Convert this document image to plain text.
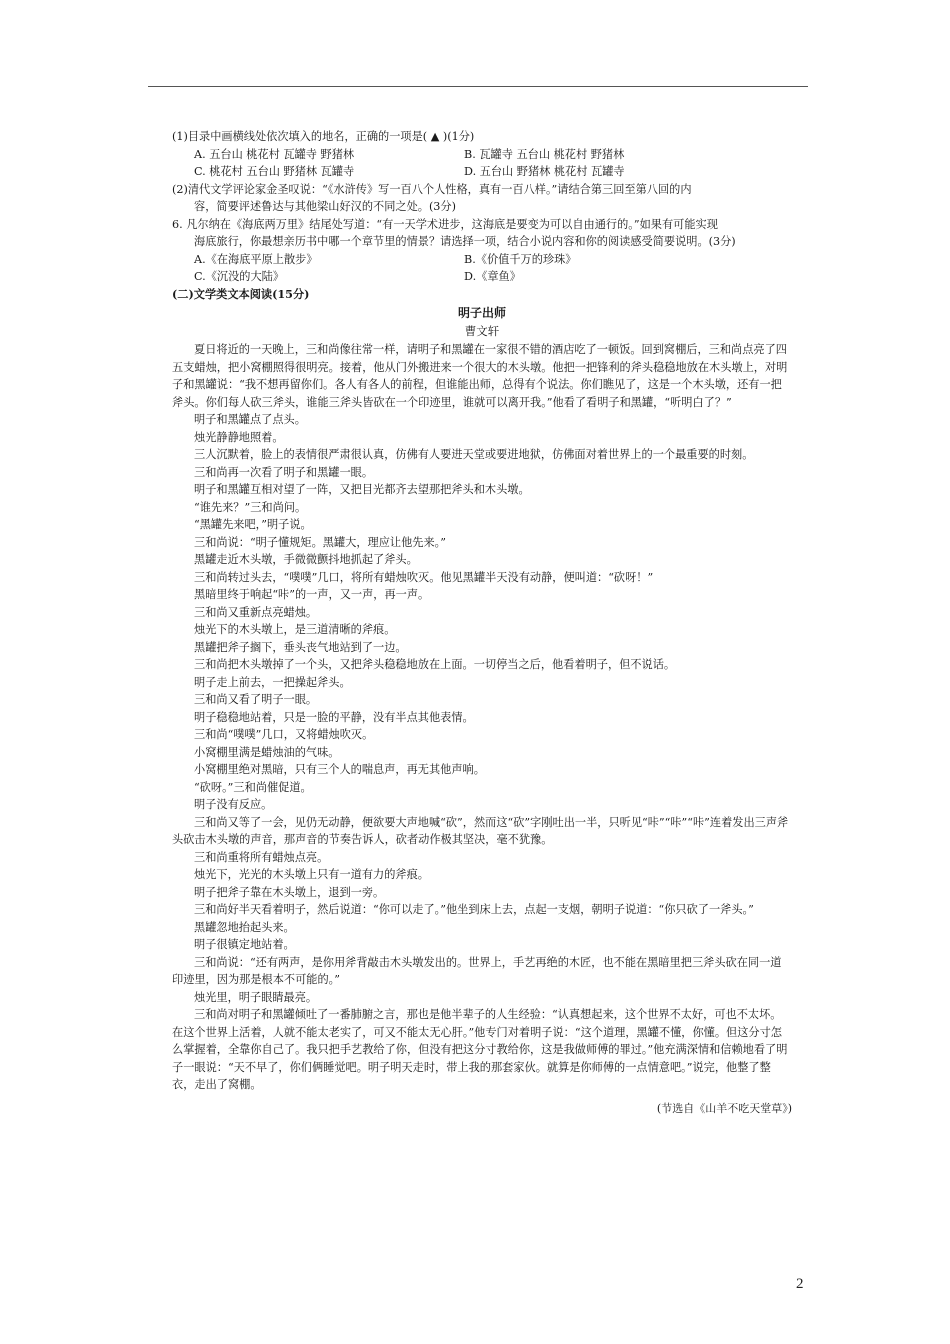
(1)目录中画横线处依次填入的地名，正确的一项是( ▲ )(1分)
A. 五台山 桃花村 瓦罐寺 野猪林	B. 瓦罐寺 五台山 桃花村 野猪林
C. 桃花村 五台山 野猪林 瓦罐寺	D. 五台山 野猪林 桃花村 瓦罐寺
(2)清代文学评论家金圣叹说：“《水浒传》写一百八个人性格，真有一百八样。”请结合第三回至第八回的内
容，简要评述鲁达与其他梁山好汉的不同之处。(3分)
6. 凡尔纳在《海底两万里》结尾处写道：“有一天学术进步，这海底是要变为可以自由通行的。”如果有可能实现
海底旅行，你最想亲历书中哪一个章节里的情景？请选择一项，结合小说内容和你的阅读感受简要说明。(3分)
A.《在海底平原上散步》	B.《价值千万的珍珠》
C.《沉没的大陆》	D.《章鱼》
(二)文学类文本阅读(15分)
明子出师
曹文轩
夏日将近的一天晚上，三和尚像往常一样，请明子和黑罐在一家很不错的酒店吃了一顿饭。回到窝棚后，三和尚点亮了四五支蜡烛，把小窝棚照得很明亮。接着，他从门外搬进来一个很大的木头墩。他把一把锋利的斧头稳稳地放在木头墩上，对明子和黑罐说：“我不想再留你们。各人有各人的前程，但谁能出师，总得有个说法。你们瞧见了，这是一个木头墩，还有一把斧头。你们每人砍三斧头，谁能三斧头皆砍在一个印迹里，谁就可以离开我。”他看了看明子和黑罐，“听明白了？”
明子和黑罐点了点头。
烛光静静地照着。
三人沉默着，脸上的表情很严肃很认真，仿佛有人要进天堂或要进地狱，仿佛面对着世界上的一个最重要的时刻。
三和尚再一次看了明子和黑罐一眼。
明子和黑罐互相对望了一阵，又把目光都齐去望那把斧头和木头墩。
“谁先来？”三和尚问。
“黑罐先来吧，”明子说。
三和尚说：“明子懂规矩。黑罐大，理应让他先来。”
黑罐走近木头墩，手微微颤抖地抓起了斧头。
三和尚转过头去，“噗噗”几口，将所有蜡烛吹灭。他见黑罐半天没有动静，便叫道：“砍呀！”
黑暗里终于响起“咔”的一声，又一声，再一声。
三和尚又重新点亮蜡烛。
烛光下的木头墩上，是三道清晰的斧痕。
黑罐把斧子搁下，垂头丧气地站到了一边。
三和尚把木头墩掉了一个头，又把斧头稳稳地放在上面。一切停当之后，他看着明子，但不说话。
明子走上前去，一把操起斧头。
三和尚又看了明子一眼。
明子稳稳地站着，只是一脸的平静，没有半点其他表情。
三和尚“噗噗”几口，又将蜡烛吹灭。
小窝棚里满是蜡烛油的气味。
小窝棚里绝对黑暗，只有三个人的喘息声，再无其他声响。
“砍呀。”三和尚催促道。
明子没有反应。
三和尚又等了一会，见仍无动静，便欲要大声地喊“砍”，然而这“砍”字刚吐出一半，只听见“咔”“咔”“咔”连着发出三声斧头砍击木头墩的声音，那声音的节奏告诉人，砍者动作极其坚决，毫不犹豫。
三和尚重将所有蜡烛点亮。
烛光下，光光的木头墩上只有一道有力的斧痕。
明子把斧子靠在木头墩上，退到一旁。
三和尚好半天看着明子，然后说道：“你可以走了。”他坐到床上去，点起一支烟，朝明子说道：“你只砍了一斧头。”
黑罐忽地抬起头来。
明子很镇定地站着。
三和尚说：“还有两声，是你用斧背敲击木头墩发出的。世界上，手艺再绝的木匠，也不能在黑暗里把三斧头砍在同一道印迹里，因为那是根本不可能的。”
烛光里，明子眼睛最亮。
三和尚对明子和黑罐倾吐了一番肺腑之言，那也是他半辈子的人生经验：“认真想起来，这个世界不太好，可也不太坏。在这个世界上活着，人就不能太老实了，可又不能太无心肝。”他专门对着明子说：“这个道理，黑罐不懂，你懂。但这分寸怎么掌握着，全靠你自己了。我只把手艺教给了你，但没有把这分寸教给你，这是我做师傅的罪过。”他充满深情和信赖地看了明子一眼说：“天不早了，你们俩睡觉吧。明子明天走时，带上我的那套家伙。就算是你师傅的一点情意吧。”说完，他整了整衣，走出了窝棚。
(节选自《山羊不吃天堂草》)
2
